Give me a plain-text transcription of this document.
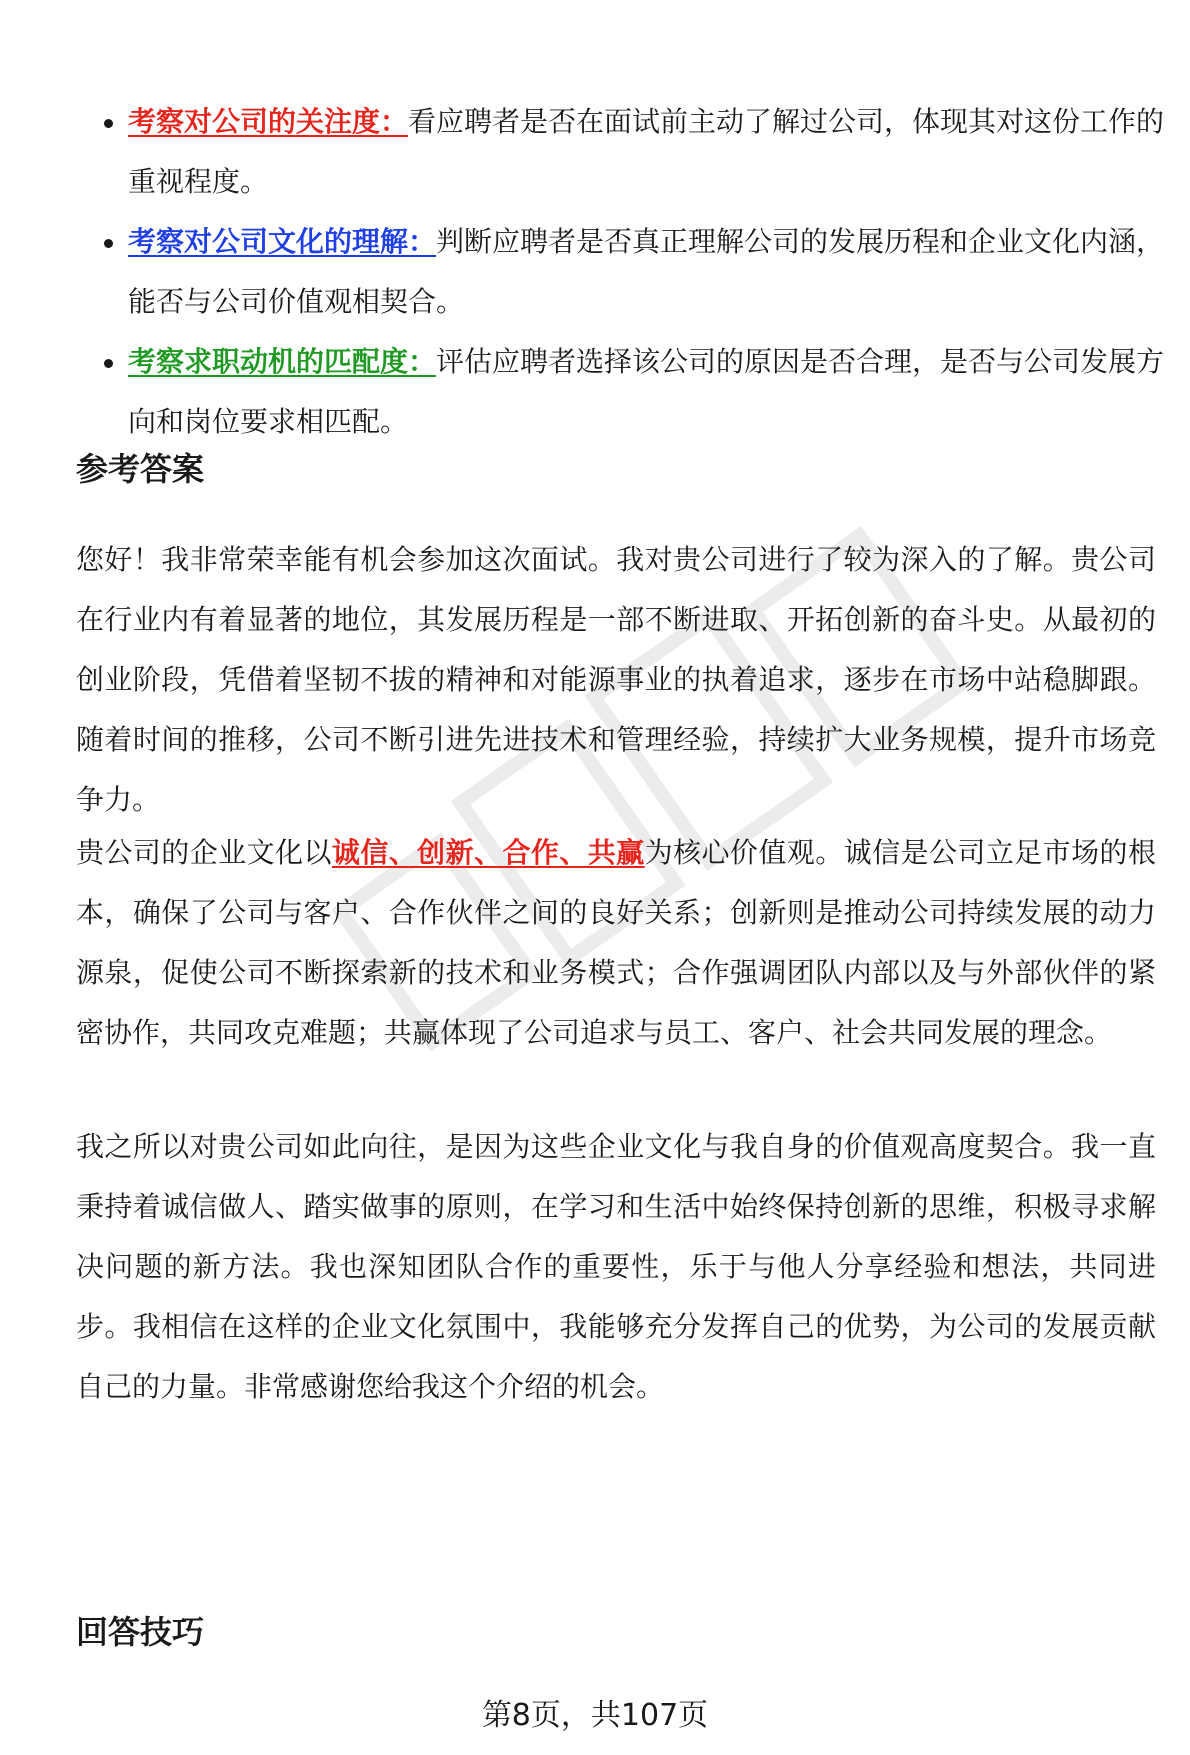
考察对公司的关注度：看应聘者是否在面试前主动了解过公司，体现其对这份工作的重视程度。
考察对公司文化的理解：判断应聘者是否真正理解公司的发展历程和企业文化内涵，能否与公司价值观相契合。
考察求职动机的匹配度：评估应聘者选择该公司的原因是否合理，是否与公司发展方向和岗位要求相匹配。
参考答案

您好！我非常荣幸能有机会参加这次面试。我对贵公司进行了较为深入的了解。贵公司在行业内有着显著的地位，其发展历程是一部不断进取、开拓创新的奋斗史。从最初的创业阶段，凭借着坚韧不拔的精神和对能源事业的执着追求，逐步在市场中站稳脚跟。随着时间的推移，公司不断引进先进技术和管理经验，持续扩大业务规模，提升市场竞争力。

贵公司的企业文化以诚信、创新、合作、共赢为核心价值观。诚信是公司立足市场的根本，确保了公司与客户、合作伙伴之间的良好关系；创新则是推动公司持续发展的动力源泉，促使公司不断探索新的技术和业务模式；合作强调团队内部以及与外部伙伴的紧密协作，共同攻克难题；共赢体现了公司追求与员工、客户、社会共同发展的理念。

我之所以对贵公司如此向往，是因为这些企业文化与我自身的价值观高度契合。我一直秉持着诚信做人、踏实做事的原则，在学习和生活中始终保持创新的思维，积极寻求解决问题的新方法。我也深知团队合作的重要性，乐于与他人分享经验和想法，共同进步。我相信在这样的企业文化氛围中，我能够充分发挥自己的优势，为公司的发展贡献自己的力量。非常感谢您给我这个介绍的机会。

回答技巧
第8页，共107页
